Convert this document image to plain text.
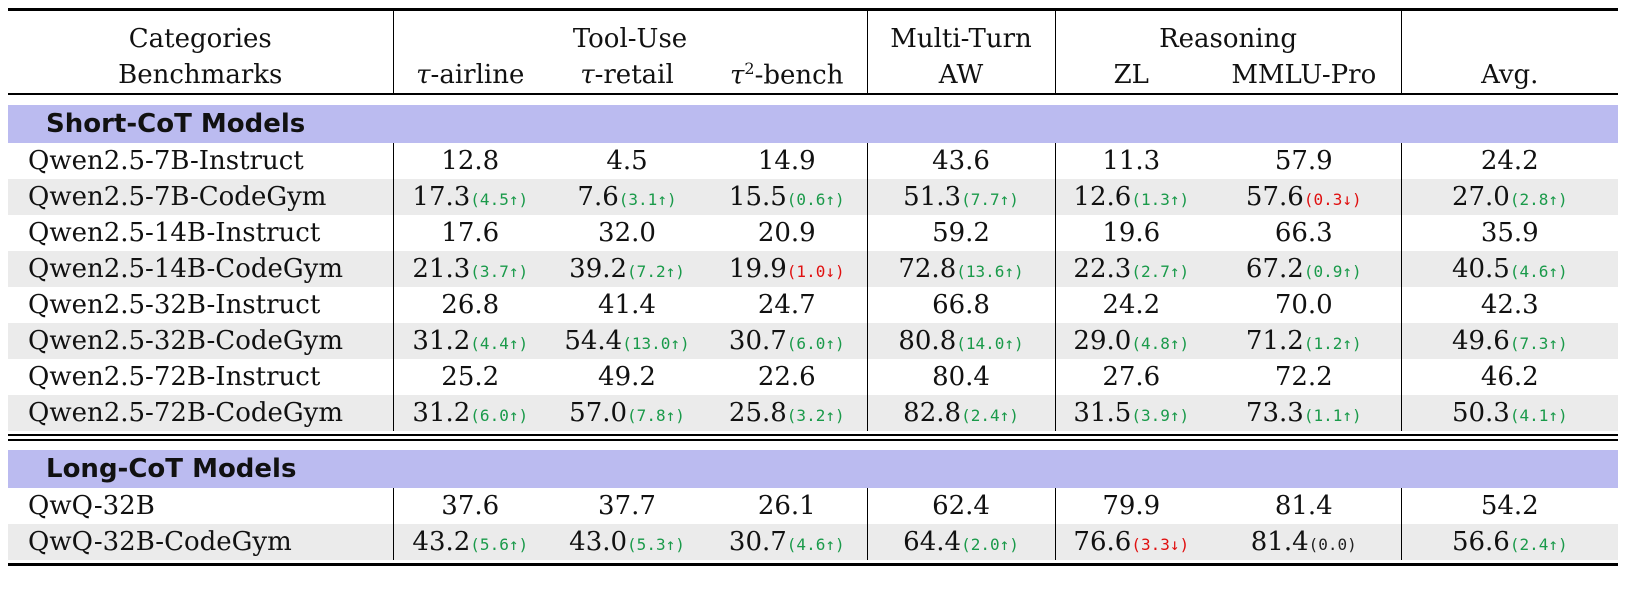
Categories	Tool-Use			Multi-Turn	Reasoning		
Benchmarks	τ-airline	τ-retail	$\tau^2$-bench	AW	ZL	MMLU-Pro	Avg.

Short-CoT Models							
Qwen2.5-7B-Instruct	12.8	4.5	14.9	43.6	11.3	57.9	24.2
Qwen2.5-7B-CodeGym	17.3(4.5↑)	7.6(3.1↑)	15.5(0.6↑)	51.3(7.7↑)	12.6(1.3↑)	57.6(0.3↓)	27.0(2.8↑)
Qwen2.5-14B-Instruct	17.6	32.0	20.9	59.2	19.6	66.3	35.9
Qwen2.5-14B-CodeGym	21.3(3.7↑)	39.2(7.2↑)	19.9(1.0↓)	72.8(13.6↑)	22.3(2.7↑)	67.2(0.9↑)	40.5(4.6↑)
Qwen2.5-32B-Instruct	26.8	41.4	24.7	66.8	24.2	70.0	42.3
Qwen2.5-32B-CodeGym	31.2(4.4↑)	54.4(13.0↑)	30.7(6.0↑)	80.8(14.0↑)	29.0(4.8↑)	71.2(1.2↑)	49.6(7.3↑)
Qwen2.5-72B-Instruct	25.2	49.2	22.6	80.4	27.6	72.2	46.2
Qwen2.5-72B-CodeGym	31.2(6.0↑)	57.0(7.8↑)	25.8(3.2↑)	82.8(2.4↑)	31.5(3.9↑)	73.3(1.1↑)	50.3(4.1↑)

Long-CoT Models							
QwQ-32B	37.6	37.7	26.1	62.4	79.9	81.4	54.2
QwQ-32B-CodeGym	43.2(5.6↑)	43.0(5.3↑)	30.7(4.6↑)	64.4(2.0↑)	76.6(3.3↓)	81.4(0.0)	56.6(2.4↑)
